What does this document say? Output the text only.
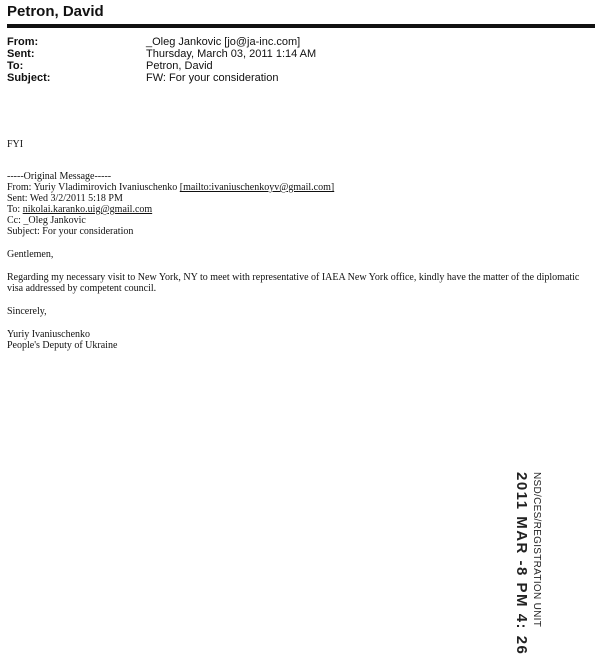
Petron, David
From:	_Oleg Jankovic [jo@ja-inc.com]
Sent:	Thursday, March 03, 2011 1:14 AM
To:	Petron, David
Subject:	FW: For your consideration

FYI

-----Original Message-----

From: Yuriy Vladimirovich Ivaniuschenko [mailto:ivaniuschenkoyv@gmail.com]

Sent: Wed 3/2/2011 5:18 PM

To: nikolai.karanko.uig@gmail.com

Cc: _Oleg Jankovic

Subject: For your consideration

Gentlemen,

Regarding my necessary visit to New York, NY to meet with representative of IAEA New York office, kindly have the matter of the diplomatic visa addressed by competent council.

Sincerely,

Yuriy Ivaniuschenko

People's Deputy of Ukraine

NSD/CES/REGISTRATION UNIT
2011 MAR -8 PM 4: 26
